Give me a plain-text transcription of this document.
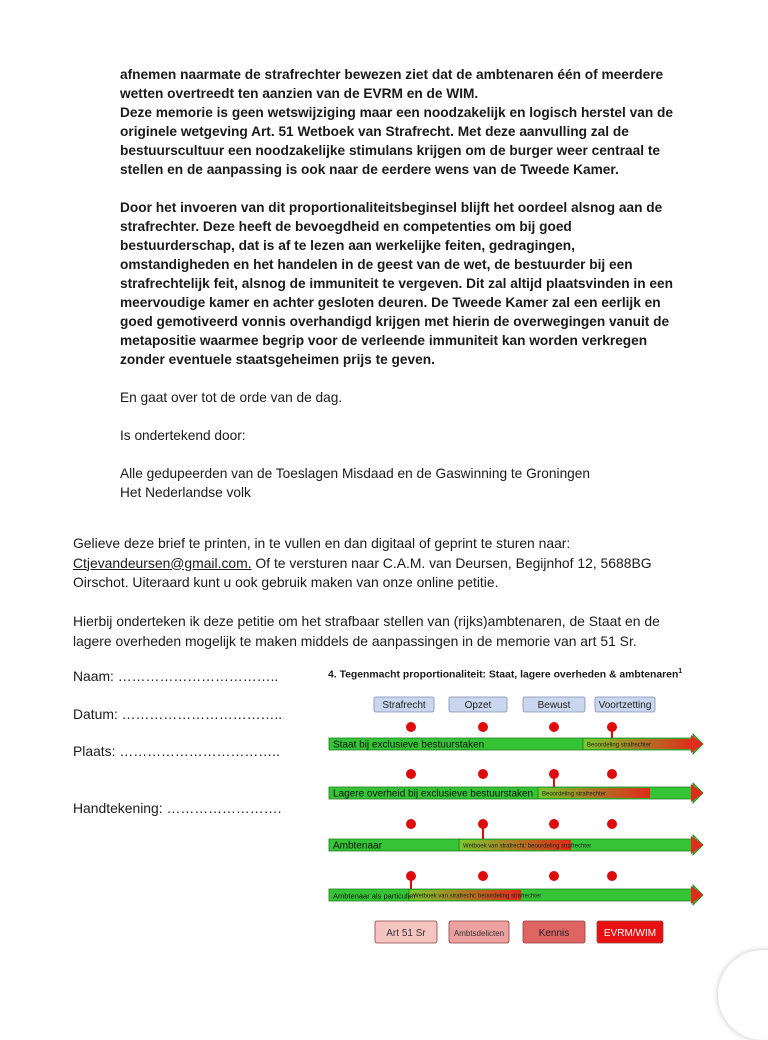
afnemen naarmate de strafrechter bewezen ziet dat de ambtenaren één of meerdere

wetten overtreedt ten aanzien van de EVRM en de WIM.

Deze memorie is geen wetswijziging maar een noodzakelijk en logisch herstel van de

originele wetgeving Art. 51 Wetboek van Strafrecht. Met deze aanvulling zal de

bestuurscultuur een noodzakelijke stimulans krijgen om de burger weer centraal te

stellen en de aanpassing is ook naar de eerdere wens van de Tweede Kamer.

Door het invoeren van dit proportionaliteitsbeginsel blijft het oordeel alsnog aan de

strafrechter. Deze heeft de bevoegdheid en competenties om bij goed

bestuurderschap, dat is af te lezen aan werkelijke feiten, gedragingen,

omstandigheden en het handelen in de geest van de wet, de bestuurder bij een

strafrechtelijk feit, alsnog de immuniteit te vergeven. Dit zal altijd plaatsvinden in een

meervoudige kamer en achter gesloten deuren. De Tweede Kamer zal een eerlijk en

goed gemotiveerd vonnis overhandigd krijgen met hierin de overwegingen vanuit de

metapositie waarmee begrip voor de verleende immuniteit kan worden verkregen

zonder eventuele staatsgeheimen prijs te geven.

En gaat over tot de orde van de dag.

Is ondertekend door:

Alle gedupeerden van de Toeslagen Misdaad en de Gaswinning te Groningen

Het Nederlandse volk

Gelieve deze brief te printen, in te vullen en dan digitaal of geprint te sturen naar:

Ctjevandeursen@gmail.com. Of te versturen naar C.A.M. van Deursen, Begijnhof 12, 5688BG

Oirschot. Uiteraard kunt u ook gebruik maken van onze online petitie.

Hierbij onderteken ik deze petitie om het strafbaar stellen van (rijks)ambtenaren, de Staat en de

lagere overheden mogelijk te maken middels de aanpassingen in de memorie van art 51 Sr.

Naam: ……………………………..
Datum: ……………………………..
Plaats: ……………………………..
Handtekening: …………………….
4. Tegenmacht proportionaliteit: Staat, lagere overheden & ambtenaren$^1$
Strafrecht	Opzet	Bewust	Voortzetting
Staat bij exclusieve bestuurstaken	Beoordeling strafrechter
Lagere overheid bij exclusieve bestuurstaken Beoordeling strafrechter
Ambtenaar	Wetboek van strafrecht: beoordeling strafrechter
Ambtenaar als particulier
Wetboek van strafrecht: beoordeling strafrechter
Art 51 Sr	Ambtsdelicten	Kennis	EVRM/WIM
